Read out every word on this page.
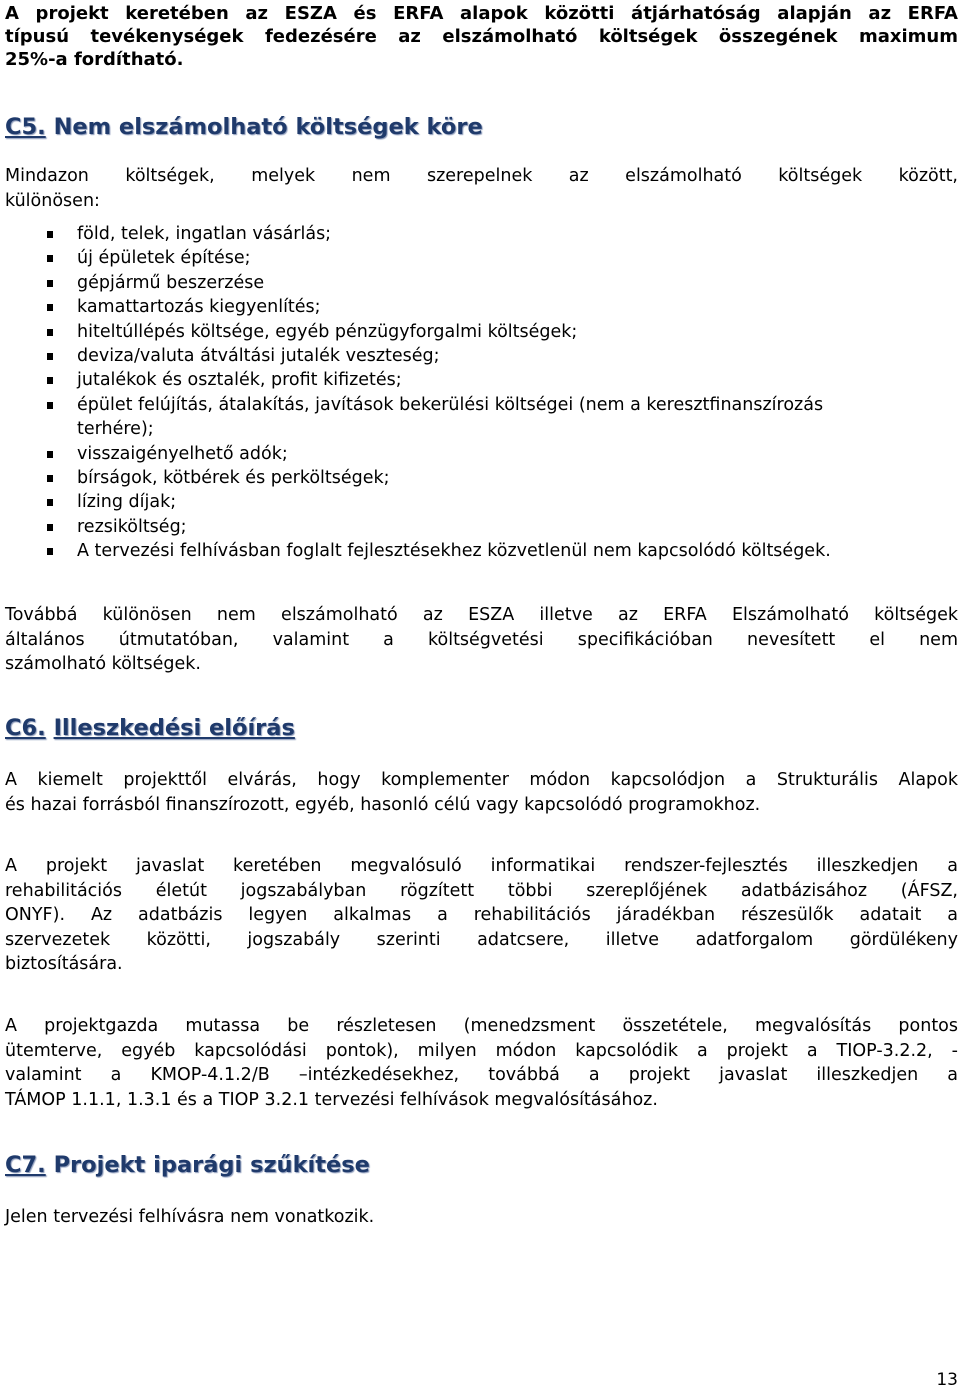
A projekt keretében az ESZA és ERFA alapok közötti átjárhatóság alapján az ERFA
típusú tevékenységek fedezésére az elszámolható költségek összegének maximum
25%-a fordítható.
C5. Nem elszámolható költségek köre
Mindazon költségek, melyek nem szerepelnek az elszámolható költségek között,
különösen:
föld, telek, ingatlan vásárlás;
új épületek építése;
gépjármű beszerzése
kamattartozás kiegyenlítés;
hiteltúllépés költsége, egyéb pénzügyforgalmi költségek;
deviza/valuta átváltási jutalék veszteség;
jutalékok és osztalék, profit kifizetés;
épület felújítás, átalakítás, javítások bekerülési költségei (nem a keresztfinanszírozás
terhére);
visszaigényelhető adók;
bírságok, kötbérek és perköltségek;
lízing díjak;
rezsiköltség;
A tervezési felhívásban foglalt fejlesztésekhez közvetlenül nem kapcsolódó költségek.
Továbbá különösen nem elszámolható az ESZA illetve az ERFA Elszámolható költségek
általános útmutatóban, valamint a költségvetési specifikációban nevesített el nem
számolható költségek.
C6. Illeszkedési előírás
A kiemelt projekttől elvárás, hogy komplementer módon kapcsolódjon a Strukturális Alapok
és hazai forrásból finanszírozott, egyéb, hasonló célú vagy kapcsolódó programokhoz.
A projekt javaslat keretében megvalósuló informatikai rendszer-fejlesztés illeszkedjen a
rehabilitációs életút jogszabályban rögzített többi szereplőjének adatbázisához (ÁFSZ,
ONYF). Az adatbázis legyen alkalmas a rehabilitációs járadékban részesülők adatait a
szervezetek közötti, jogszabály szerinti adatcsere, illetve adatforgalom gördülékeny
biztosítására.
A projektgazda mutassa be részletesen (menedzsment összetétele, megvalósítás pontos
ütemterve, egyéb kapcsolódási pontok), milyen módon kapcsolódik a projekt a TIOP-3.2.2, -
valamint a KMOP-4.1.2/B –intézkedésekhez, továbbá a projekt javaslat illeszkedjen a
TÁMOP 1.1.1, 1.3.1 és a TIOP 3.2.1 tervezési felhívások megvalósításához.
C7. Projekt iparági szűkítése
Jelen tervezési felhívásra nem vonatkozik.
13
